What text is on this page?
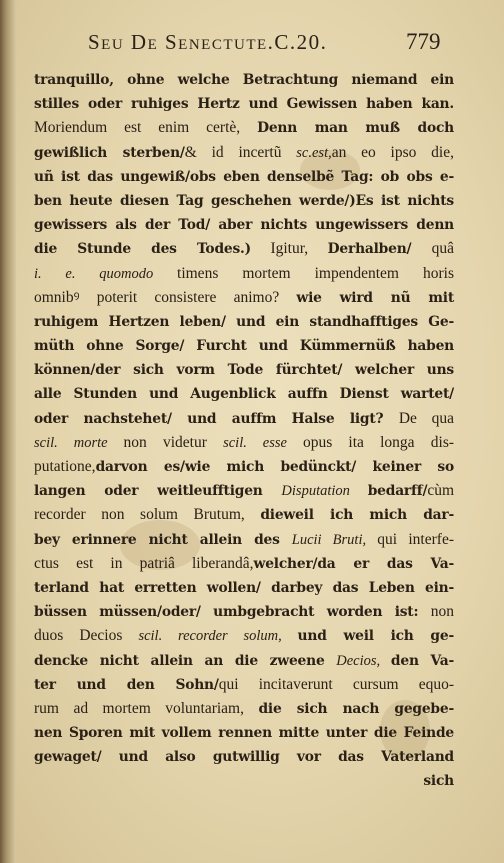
Seu De Senectute.C.20.	779
tranquillo, ohne welche Betrachtung niemand ein
stilles oder ruhiges Hertz und Gewissen haben kan.
Moriendum est enim certè, Denn man muß doch
gewißlich sterben/& id incertũ sc.est,an eo ipso die,
uñ ist das ungewiß/obs eben denselbẽ Tag: ob obs e-
ben heute diesen Tag geschehen werde/)Es ist nichts
gewissers als der Tod/ aber nichts ungewissers denn
die Stunde des Todes.) Igitur, Derhalben/ quâ
i. e. quomodo timens mortem impendentem horis
omnibꝰ poterit consistere animo? wie wird nũ mit
ruhigem Hertzen leben/ und ein standhafftiges Ge-
müth ohne Sorge/ Furcht und Kümmernüß haben
können/der sich vorm Tode fürchtet/ welcher uns
alle Stunden und Augenblick auffn Dienst wartet/
oder nachstehet/ und auffm Halse ligt? De qua
scil. morte non videtur scil. esse opus ita longa dis-
putatione,darvon es/wie mich bedünckt/ keiner so
langen oder weitleufftigen Disputation bedarff/cùm
recorder non solum Brutum, dieweil ich mich dar-
bey erinnere nicht allein des Lucii Bruti, qui interfe-
ctus est in patriâ liberandâ,welcher/da er das Va-
terland hat erretten wollen/ darbey das Leben ein-
büssen müssen/oder/ umbgebracht worden ist: non
duos Decios scil. recorder solum, und weil ich ge-
dencke nicht allein an die zweene Decios, den Va-
ter und den Sohn/qui incitaverunt cursum equo-
rum ad mortem voluntariam, die sich nach gegebe-
nen Sporen mit vollem rennen mitte unter die Feinde
gewaget/ und also gutwillig vor das Vaterland
sich
